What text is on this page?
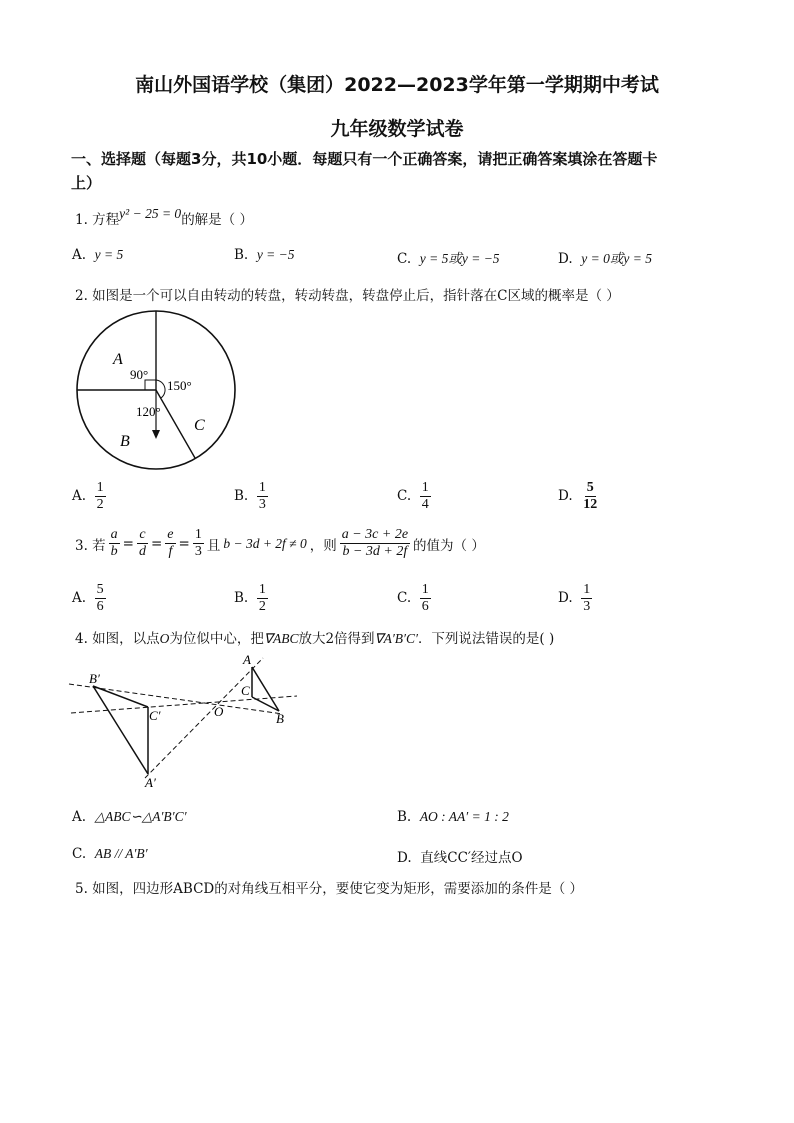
南山外国语学校（集团）2022—2023学年第一学期期中考试
九年级数学试卷
一、选择题（每题3分，共10小题．每题只有一个正确答案，请把正确答案填涂在答题卡
上）
1. 方程y² − 25 = 0的解是（ ）
A. y = 5	B. y = −5	C. y = 5或y = −5	D. y = 0或y = 5
2. 如图是一个可以自由转动的转盘，转动转盘，转盘停止后，指针落在C区域的概率是（ ）
A
B
C
90°
150°
120°
A. $\frac{1}{2}$	B. $\frac{1}{3}$	C. $\frac{1}{4}$	D. $\frac{5}{12}$
3. 若 $\frac{a}{b} = \frac{c}{d} = \frac{e}{f} = \frac{1}{3}$ 且 b − 3d + 2f ≠ 0 ，则 $\frac{a - 3c + 2e}{b - 3d + 2f}$ 的值为（ ）
A. $\frac{5}{6}$	B. $\frac{1}{2}$	C. $\frac{1}{6}$	D. $\frac{1}{3}$
4. 如图，以点O为位似中心，把∇ABC放大2倍得到∇A′B′C′．下列说法错误的是( )
B′
C′
A′
O
A
C
B
A. △ABC∽△A′B′C′	B. AO : AA′ = 1 : 2
C. AB // A′B′	D. 直线CC′经过点O
5. 如图，四边形ABCD的对角线互相平分，要使它变为矩形，需要添加的条件是（ ）
